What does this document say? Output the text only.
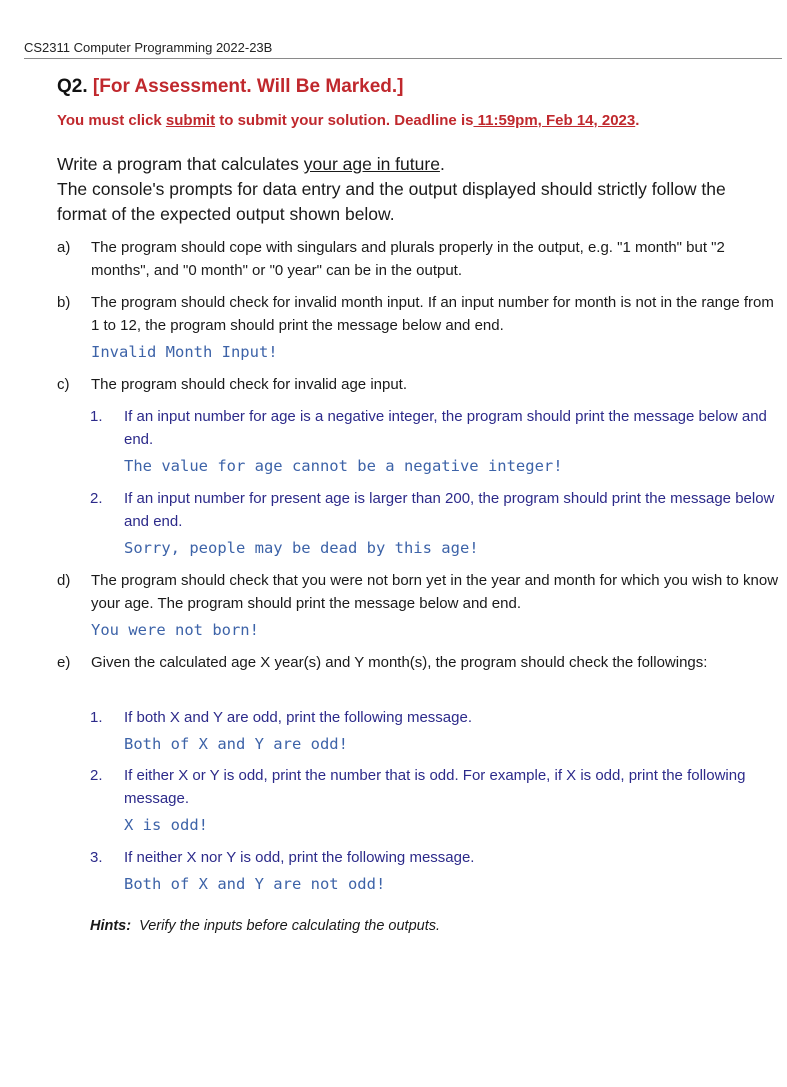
CS2311 Computer Programming 2022-23B
Q2. [For Assessment. Will Be Marked.]
You must click submit to submit your solution. Deadline is 11:59pm, Feb 14, 2023.
Write a program that calculates your age in future.
The console's prompts for data entry and the output displayed should strictly follow the format of the expected output shown below.
a) The program should cope with singulars and plurals properly in the output, e.g. "1 month" but "2 months", and "0 month" or "0 year" can be in the output.
b) The program should check for invalid month input. If an input number for month is not in the range from 1 to 12, the program should print the message below and end.
Invalid Month Input!
c) The program should check for invalid age input.
1. If an input number for age is a negative integer, the program should print the message below and end.
The value for age cannot be a negative integer!
2. If an input number for present age is larger than 200, the program should print the message below and end.
Sorry, people may be dead by this age!
d) The program should check that you were not born yet in the year and month for which you wish to know your age. The program should print the message below and end.
You were not born!
e) Given the calculated age X year(s) and Y month(s), the program should check the followings:
1. If both X and Y are odd, print the following message.
Both of X and Y are odd!
2. If either X or Y is odd, print the number that is odd. For example, if X is odd, print the following message.
X is odd!
3. If neither X nor Y is odd, print the following message.
Both of X and Y are not odd!
Hints: Verify the inputs before calculating the outputs.
